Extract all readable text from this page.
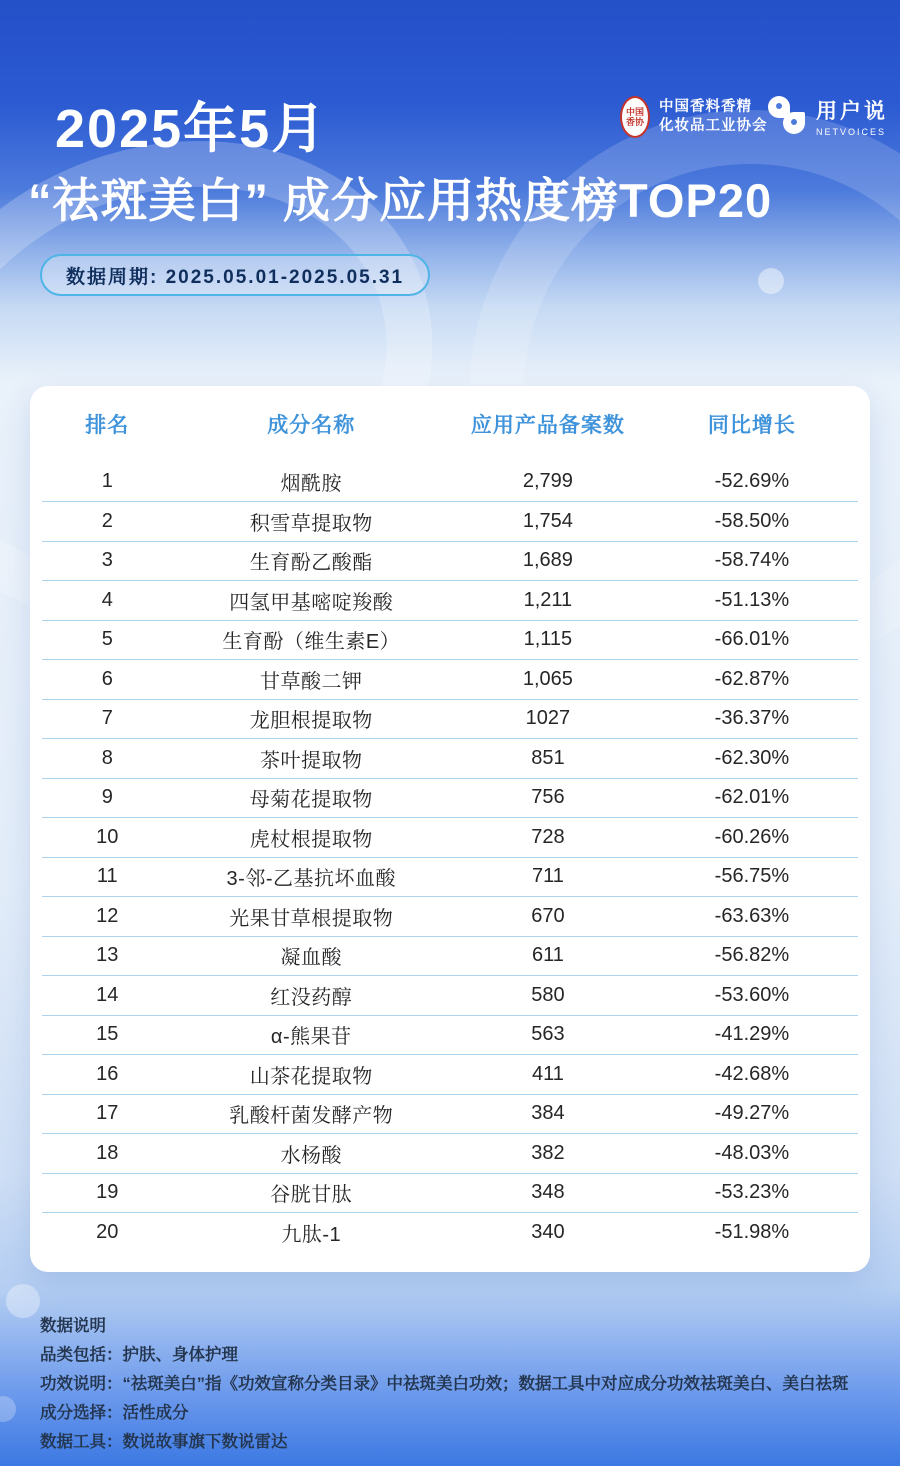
2025年5月
“祛斑美白” 成分应用热度榜TOP20
中国
香协
中国香料香精
化妆品工业协会
用户说
NETVOICES
数据周期: 2025.05.01-2025.05.31
排名	成分名称	应用产品备案数	同比增长
1	烟酰胺	2,799	-52.69%
2	积雪草提取物	1,754	-58.50%
3	生育酚乙酸酯	1,689	-58.74%
4	四氢甲基嘧啶羧酸	1,211	-51.13%
5	生育酚（维生素E）	1,115	-66.01%
6	甘草酸二钾	1,065	-62.87%
7	龙胆根提取物	1027	-36.37%
8	茶叶提取物	851	-62.30%
9	母菊花提取物	756	-62.01%
10	虎杖根提取物	728	-60.26%
11	3-邻-乙基抗坏血酸	711	-56.75%
12	光果甘草根提取物	670	-63.63%
13	凝血酸	611	-56.82%
14	红没药醇	580	-53.60%
15	α-熊果苷	563	-41.29%
16	山茶花提取物	411	-42.68%
17	乳酸杆菌发酵产物	384	-49.27%
18	水杨酸	382	-48.03%
19	谷胱甘肽	348	-53.23%
20	九肽-1	340	-51.98%
数据说明
品类包括：护肤、身体护理
功效说明：“祛斑美白”指《功效宣称分类目录》中祛斑美白功效；数据工具中对应成分功效祛斑美白、美白祛斑
成分选择：活性成分
数据工具：数说故事旗下数说雷达
